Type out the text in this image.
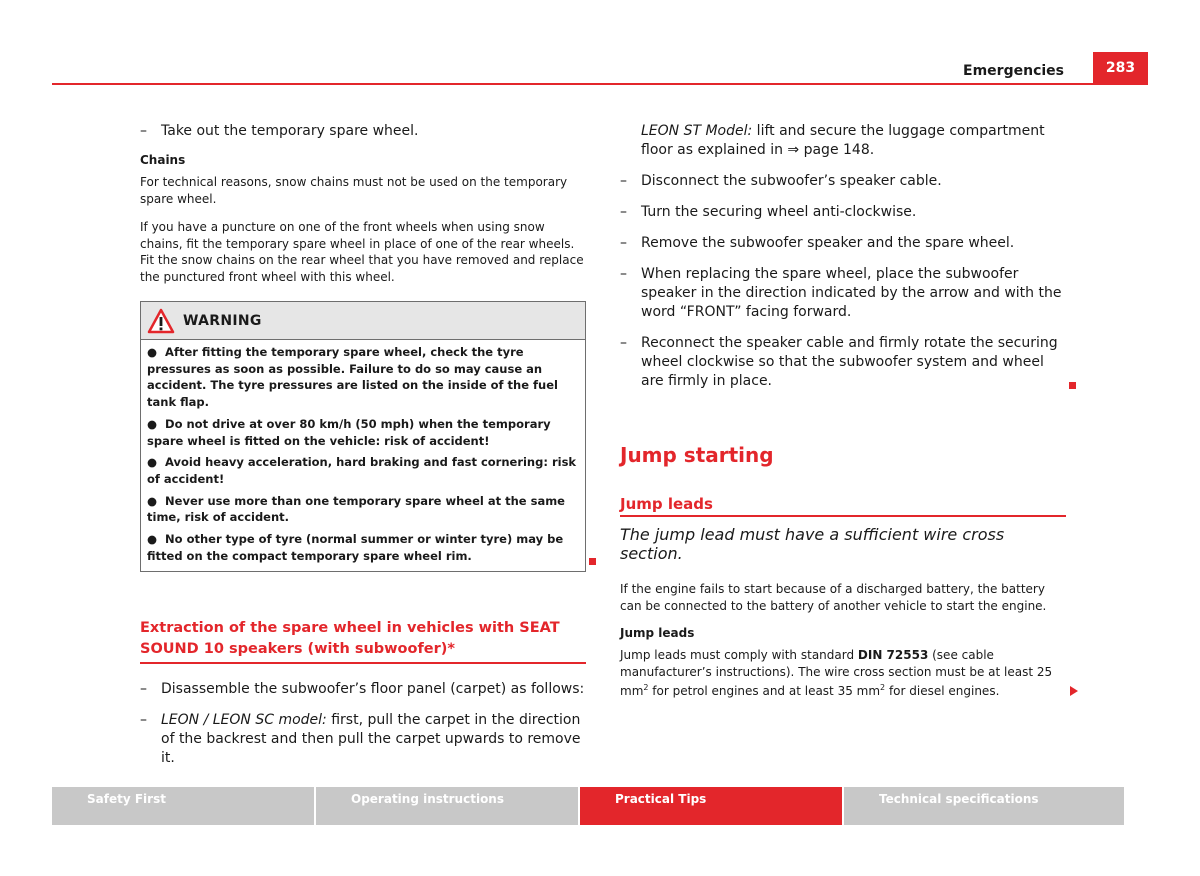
Emergencies	283

– Take out the temporary spare wheel.

Chains

For technical reasons, snow chains must not be used on the temporary spare wheel.

If you have a puncture on one of the front wheels when using snow chains, fit the temporary spare wheel in place of one of the rear wheels. Fit the snow chains on the rear wheel that you have removed and replace the punctured front wheel with this wheel.

WARNING

● After fitting the temporary spare wheel, check the tyre pressures as soon as possible. Failure to do so may cause an accident. The tyre pressures are listed on the inside of the fuel tank flap.

● Do not drive at over 80 km/h (50 mph) when the temporary spare wheel is fitted on the vehicle: risk of accident!

● Avoid heavy acceleration, hard braking and fast cornering: risk of accident!

● Never use more than one temporary spare wheel at the same time, risk of accident.

● No other type of tyre (normal summer or winter tyre) may be fitted on the compact temporary spare wheel rim.

Extraction of the spare wheel in vehicles with SEAT SOUND 10 speakers (with subwoofer)*

– Disassemble the subwoofer’s floor panel (carpet) as follows:

– LEON / LEON SC model: first, pull the carpet in the direction of the backrest and then pull the carpet upwards to remove it.

LEON ST Model: lift and secure the luggage compartment floor as explained in ⇒ page 148.

– Disconnect the subwoofer’s speaker cable.

– Turn the securing wheel anti-clockwise.

– Remove the subwoofer speaker and the spare wheel.

– When replacing the spare wheel, place the subwoofer speaker in the direction indicated by the arrow and with the word “FRONT” facing forward.

– Reconnect the speaker cable and firmly rotate the securing wheel clockwise so that the subwoofer system and wheel are firmly in place.

Jump starting
Jump leads
The jump lead must have a sufficient wire cross section.

If the engine fails to start because of a discharged battery, the battery can be connected to the battery of another vehicle to start the engine.

Jump leads

Jump leads must comply with standard DIN 72553 (see cable manufacturer’s instructions). The wire cross section must be at least 25 $mm^2$ for petrol engines and at least 35 $mm^2$ for diesel engines.

Safety First	Operating instructions	Practical Tips	Technical specifications
